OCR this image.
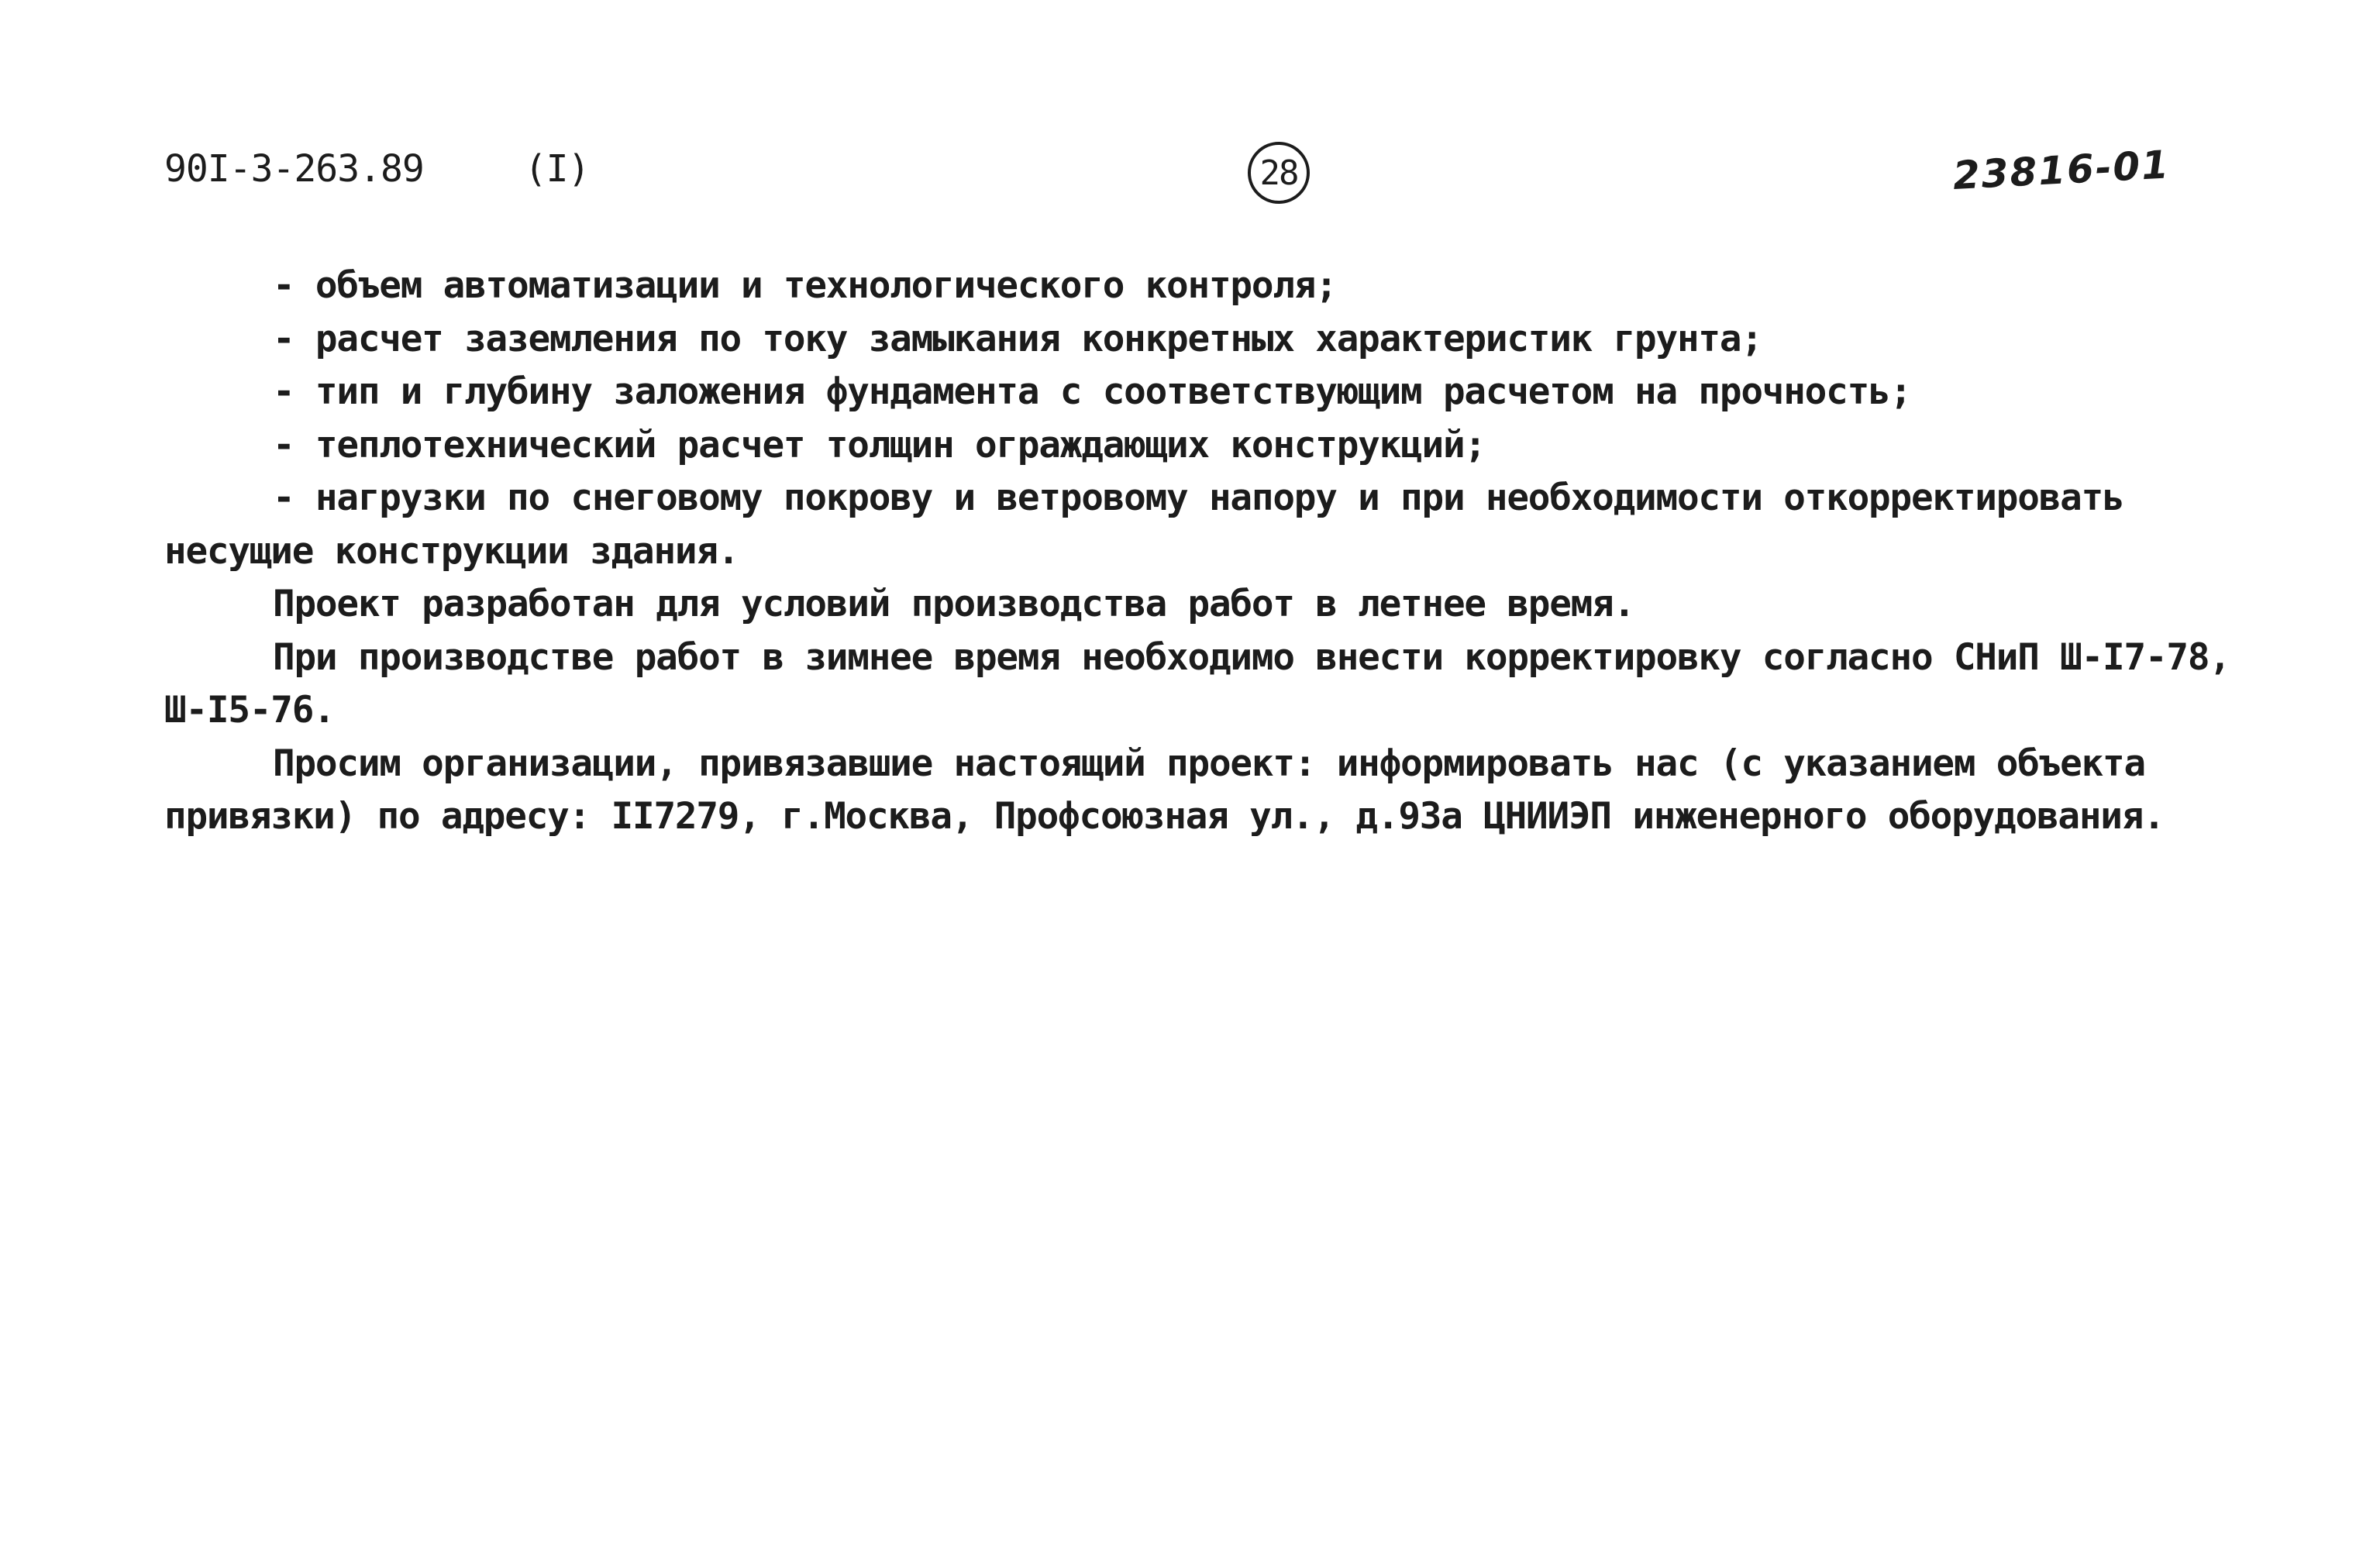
90I-3-263.89	(I)	28	23816-01
- объем автоматизации и технологического контроля;
- расчет заземления по току замыкания конкретных характеристик грунта;
- тип и глубину заложения фундамента с соответствующим расчетом на прочность;
- теплотехнический расчет толщин ограждающих конструкций;
- нагрузки по снеговому покрову и ветровому напору и при необходимости откорректировать
несущие конструкции здания.
Проект разработан для условий производства работ в летнее время.
При производстве работ в зимнее время необходимо внести корректировку согласно СНиП Ш-I7-78,
Ш-I5-76.
Просим организации, привязавшие настоящий проект: информировать нас (с указанием объекта
привязки) по адресу: II7279, г.Москва, Профсоюзная ул., д.93а ЦНИИЭП инженерного оборудования.
